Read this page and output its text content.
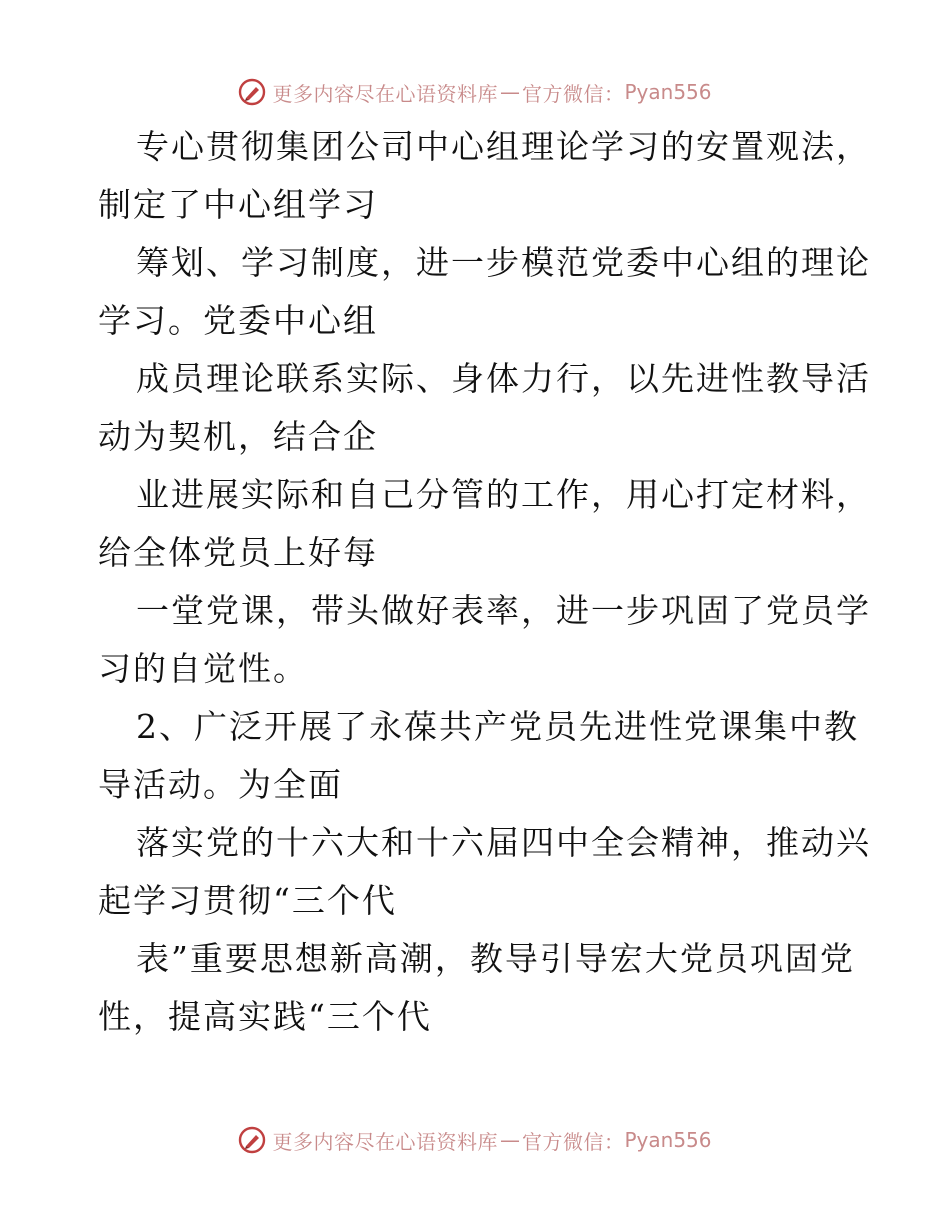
更多内容尽在心语资料库 — 官方微信： Pyan556
专心贯彻集团公司中心组理论学习的安置观法，
制定了中心组学习
筹划、学习制度，进一步模范党委中心组的理论
学习。党委中心组
成员理论联系实际、身体力行，以先进性教导活
动为契机，结合企
业进展实际和自己分管的工作，用心打定材料，
给全体党员上好每
一堂党课，带头做好表率，进一步巩固了党员学
习的自觉性。
2、广泛开展了永葆共产党员先进性党课集中教
导活动。为全面
落实党的十六大和十六届四中全会精神，推动兴
起学习贯彻“三个代
表”重要思想新高潮，教导引导宏大党员巩固党
性，提高实践“三个代
更多内容尽在心语资料库 — 官方微信： Pyan556
